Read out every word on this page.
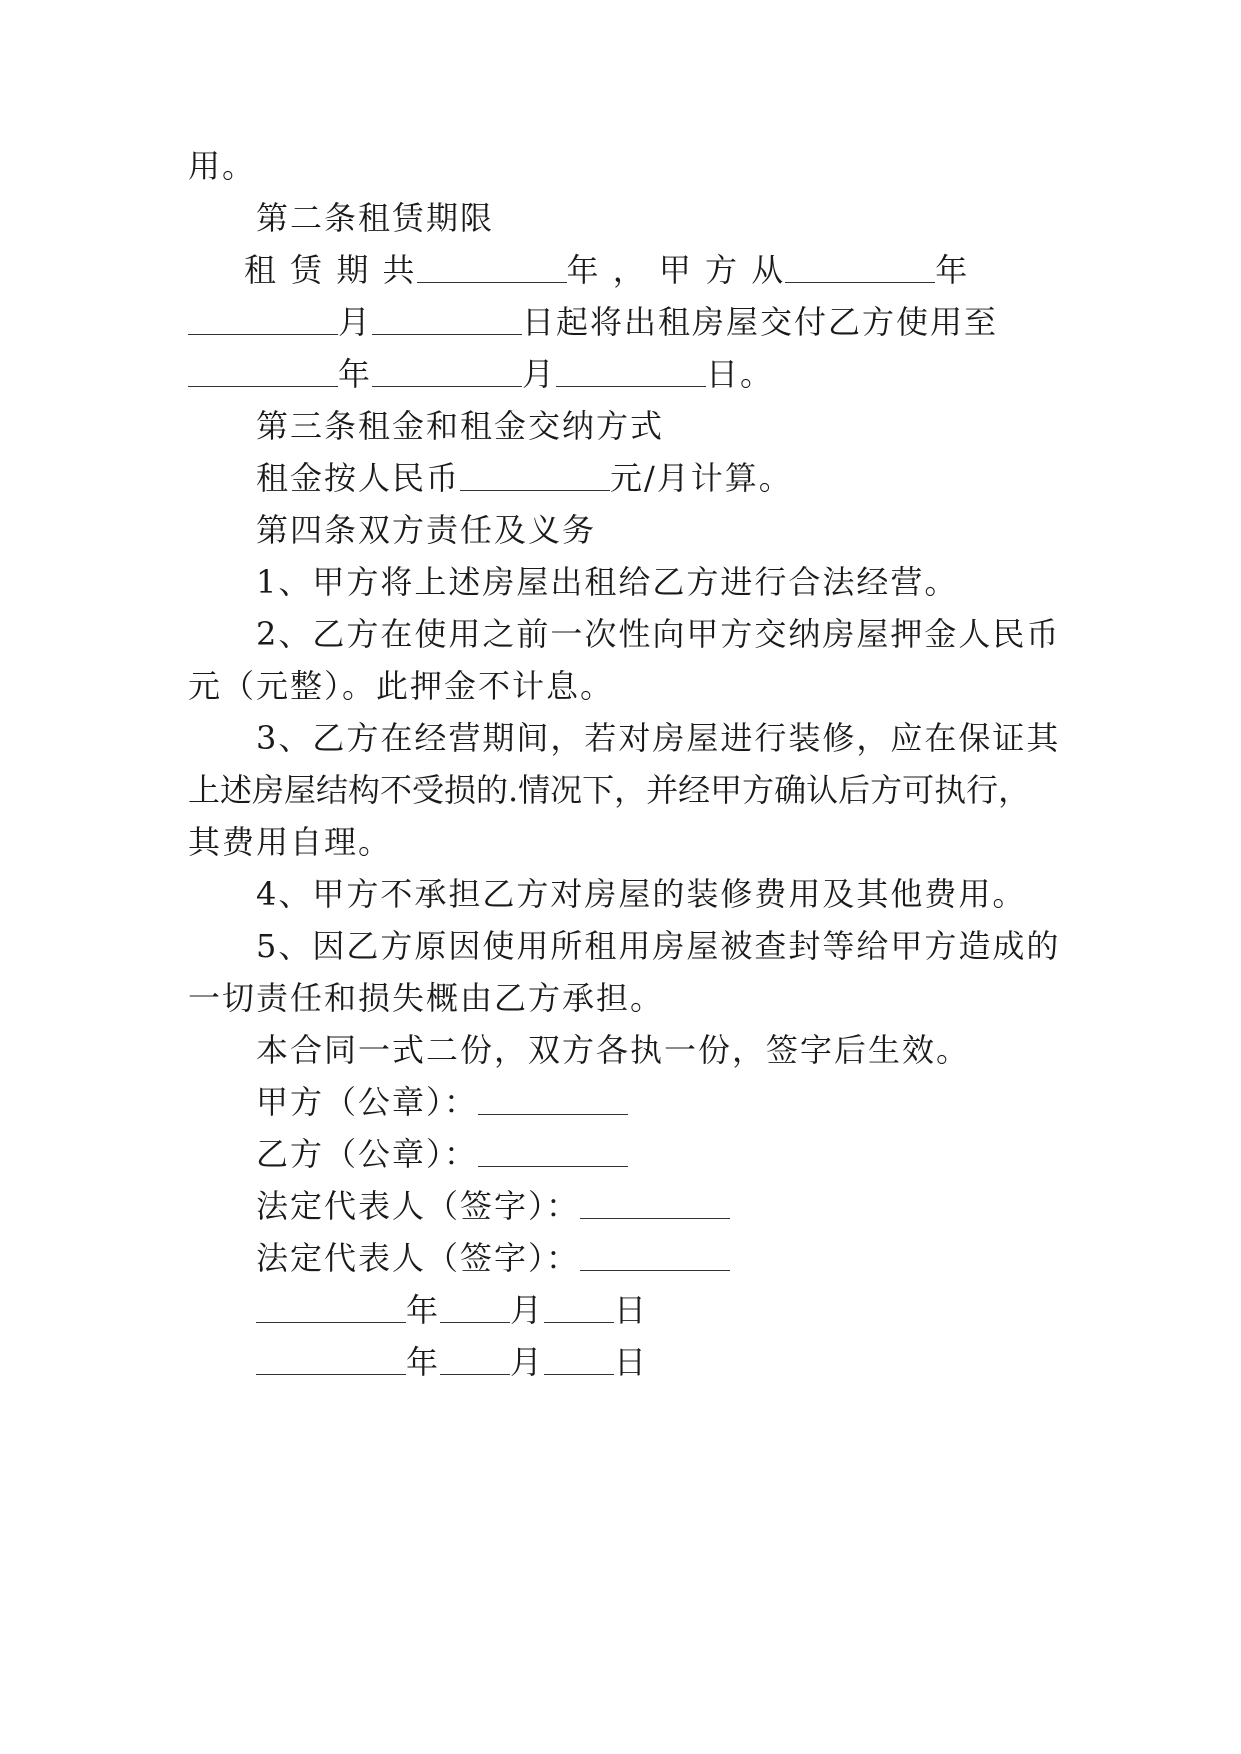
用。
第二条租赁期限
租 赁 期 共	年 ， 甲 方 从	年
月	日起将出租房屋交付乙方使用至
年	月	日。
第三条租金和租金交纳方式
租金按人民币	元/月计算。
第四条双方责任及义务
1、甲方将上述房屋出租给乙方进行合法经营。
2、乙方在使用之前一次性向甲方交纳房屋押金人民币
元（元整）。此押金不计息。
3、乙方在经营期间，若对房屋进行装修，应在保证其
上述房屋结构不受损的.情况下，并经甲方确认后方可执行，
其费用自理。
4、甲方不承担乙方对房屋的装修费用及其他费用。
5、因乙方原因使用所租用房屋被查封等给甲方造成的
一切责任和损失概由乙方承担。
本合同一式二份，双方各执一份，签字后生效。
甲方（公章）：
乙方（公章）：
法定代表人（签字）：
法定代表人（签字）：
年 月 日
年 月 日
